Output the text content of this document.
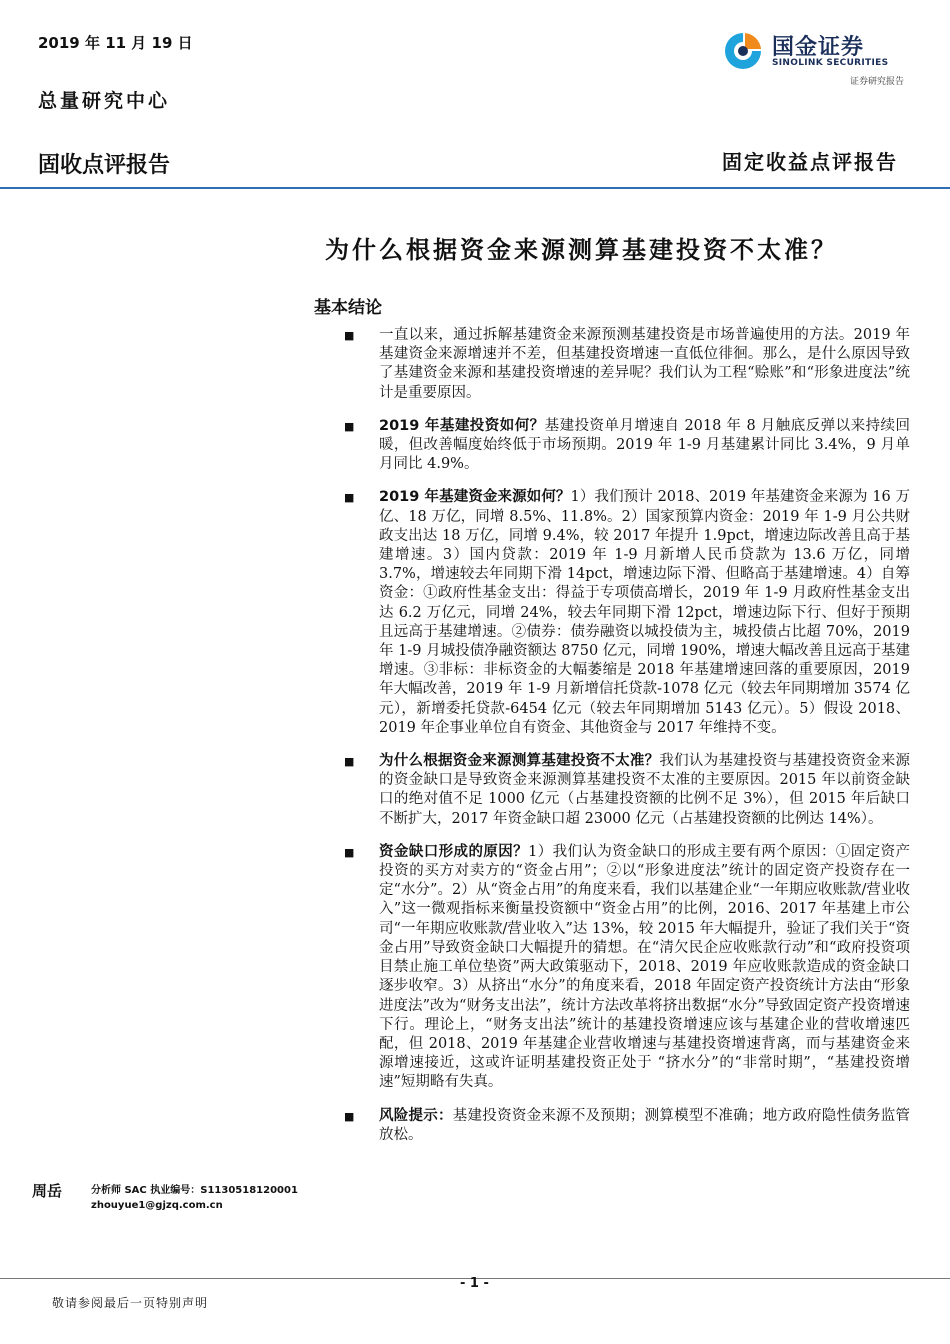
2019 年 11 月 19 日
总量研究中心
固收点评报告	固定收益点评报告
国金证券
SINOLINK SECURITIES
证券研究报告
为什么根据资金来源测算基建投资不太准？
基本结论
■	一直以来，通过拆解基建资金来源预测基建投资是市场普遍使用的方法。2019 年基建资金来源增速并不差，但基建投资增速一直低位徘徊。那么，是什么原因导致了基建资金来源和基建投资增速的差异呢？我们认为工程“赊账”和“形象进度法”统计是重要原因。
■	2019 年基建投资如何？基建投资单月增速自 2018 年 8 月触底反弹以来持续回暖，但改善幅度始终低于市场预期。2019 年 1-9 月基建累计同比 3.4%，9 月单月同比 4.9%。
■	2019 年基建资金来源如何？1）我们预计 2018、2019 年基建资金来源为 16 万亿、18 万亿，同增 8.5%、11.8%。2）国家预算内资金：2019 年 1-9 月公共财政支出达 18 万亿，同增 9.4%，较 2017 年提升 1.9pct，增速边际改善且高于基建增速。3）国内贷款：2019 年 1-9 月新增人民币贷款为 13.6 万亿，同增 3.7%，增速较去年同期下滑 14pct，增速边际下滑、但略高于基建增速。4）自筹资金：①政府性基金支出：得益于专项债高增长，2019 年 1-9 月政府性基金支出达 6.2 万亿元，同增 24%，较去年同期下滑 12pct，增速边际下行、但好于预期且远高于基建增速。②债券：债券融资以城投债为主，城投债占比超 70%，2019 年 1-9 月城投债净融资额达 8750 亿元，同增 190%，增速大幅改善且远高于基建增速。③非标：非标资金的大幅萎缩是 2018 年基建增速回落的重要原因，2019 年大幅改善，2019 年 1-9 月新增信托贷款-1078 亿元（较去年同期增加 3574 亿元），新增委托贷款-6454 亿元（较去年同期增加 5143 亿元）。5）假设 2018、2019 年企事业单位自有资金、其他资金与 2017 年维持不变。
■	为什么根据资金来源测算基建投资不太准？我们认为基建投资与基建投资资金来源的资金缺口是导致资金来源测算基建投资不太准的主要原因。2015 年以前资金缺口的绝对值不足 1000 亿元（占基建投资额的比例不足 3%），但 2015 年后缺口不断扩大，2017 年资金缺口超 23000 亿元（占基建投资额的比例达 14%）。
■	资金缺口形成的原因？1）我们认为资金缺口的形成主要有两个原因：①固定资产投资的买方对卖方的“资金占用”；②以“形象进度法”统计的固定资产投资存在一定“水分”。2）从“资金占用”的角度来看，我们以基建企业“一年期应收账款/营业收入”这一微观指标来衡量投资额中“资金占用”的比例，2016、2017 年基建上市公司“一年期应收账款/营业收入”达 13%，较 2015 年大幅提升，验证了我们关于“资金占用”导致资金缺口大幅提升的猜想。在“清欠民企应收账款行动”和“政府投资项目禁止施工单位垫资”两大政策驱动下，2018、2019 年应收账款造成的资金缺口逐步收窄。3）从挤出“水分”的角度来看，2018 年固定资产投资统计方法由“形象进度法”改为“财务支出法”，统计方法改革将挤出数据“水分”导致固定资产投资增速下行。理论上，“财务支出法”统计的基建投资增速应该与基建企业的营收增速匹配，但 2018、2019 年基建企业营收增速与基建投资增速背离，而与基建资金来源增速接近，这或许证明基建投资正处于 “挤水分”的“非常时期”，“基建投资增速”短期略有失真。
■	风险提示：基建投资资金来源不及预期；测算模型不准确；地方政府隐性债务监管放松。
周岳	分析师 SAC 执业编号：S1130518120001
zhouyue1@gjzq.com.cn
- 1 -
敬请参阅最后一页特别声明
